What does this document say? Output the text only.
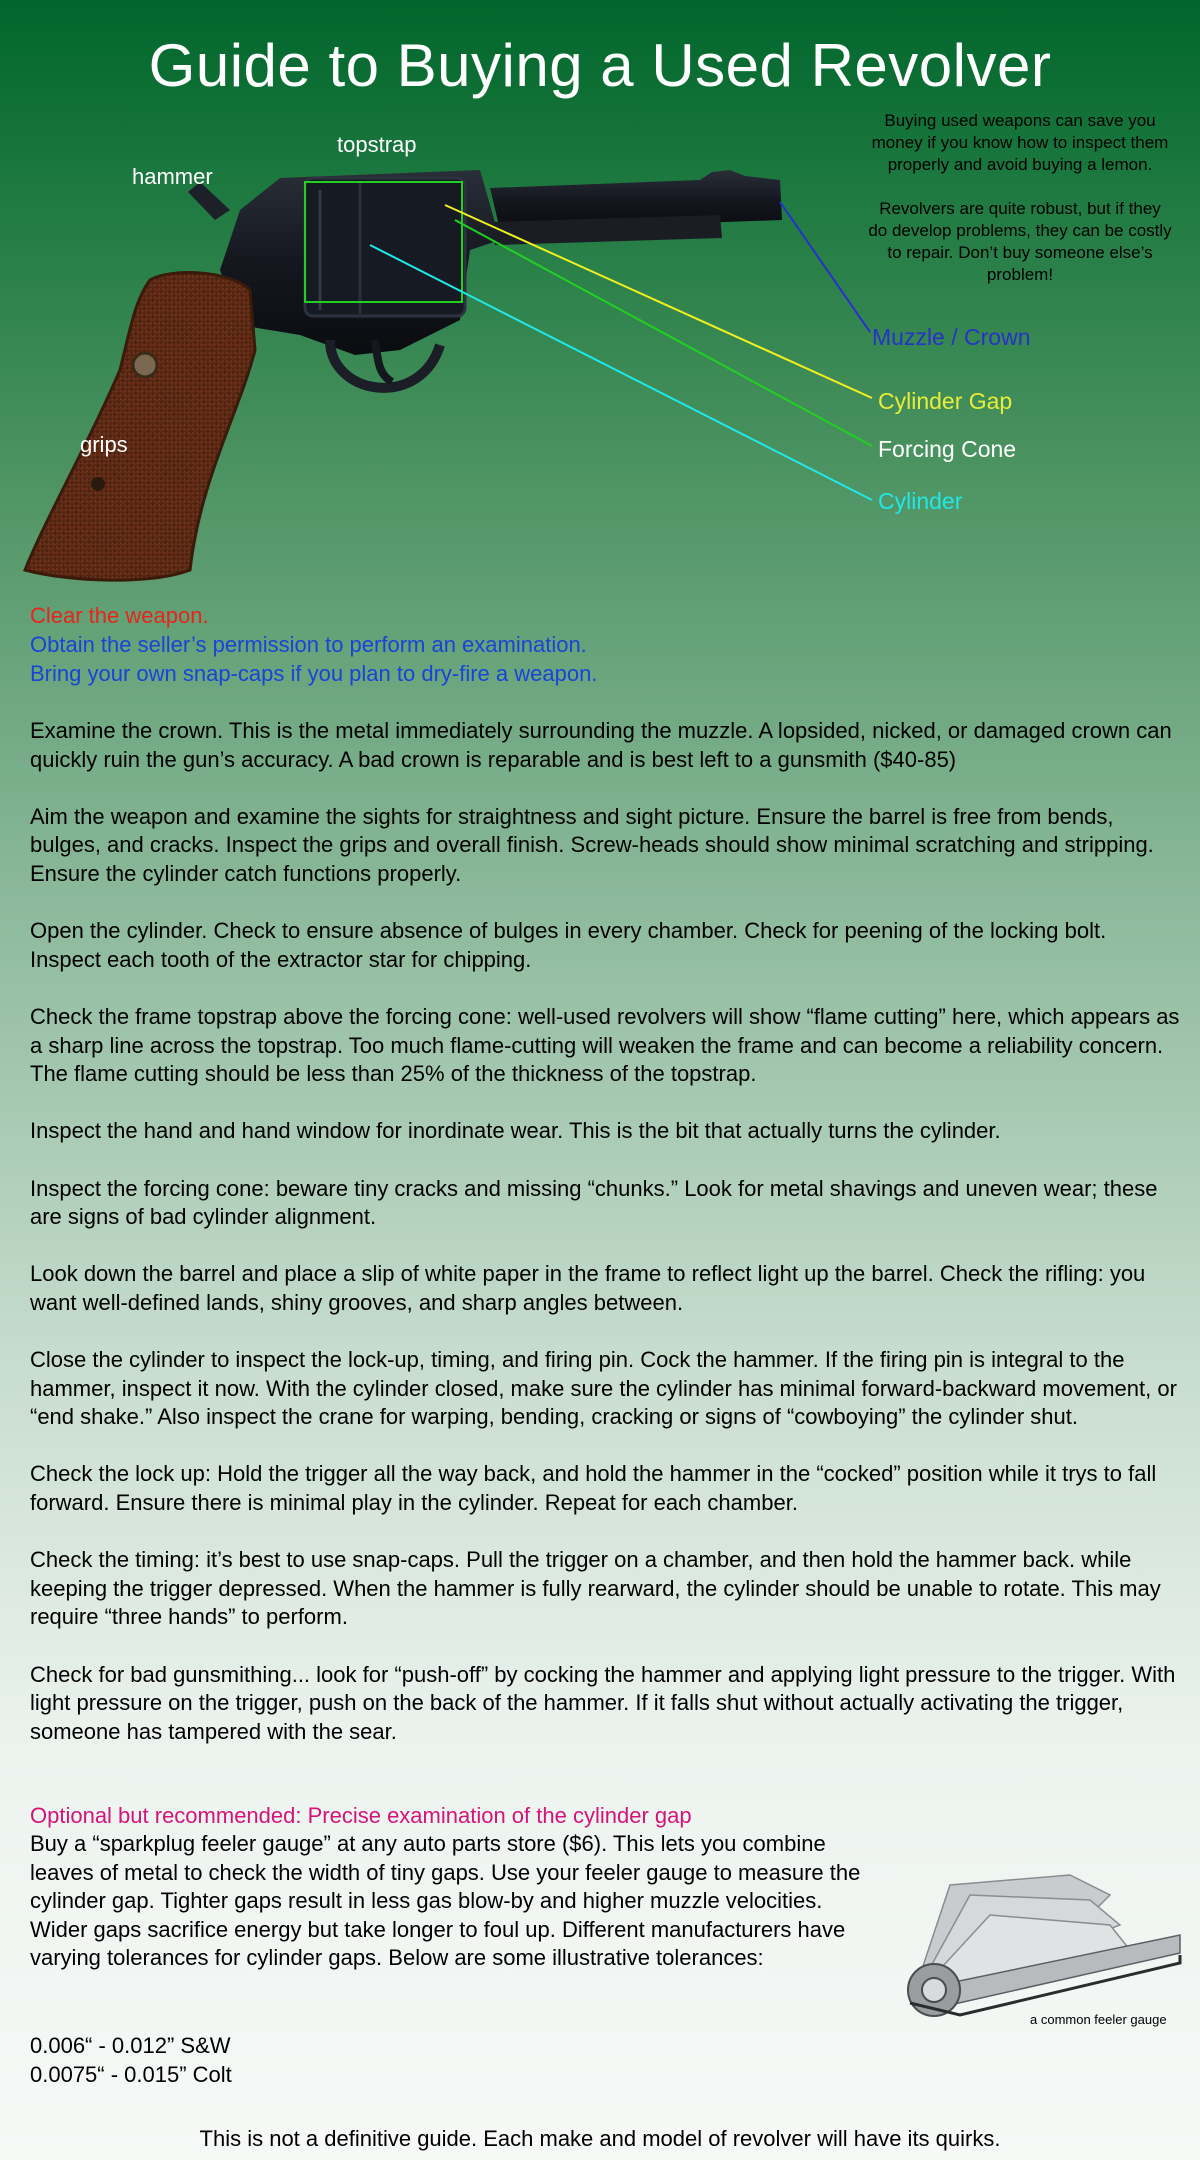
Guide to Buying a Used Revolver

Buying used weapons can save you money if you know how to inspect them properly and avoid buying a lemon.

Revolvers are quite robust, but if they do develop problems, they can be costly to repair. Don’t buy someone else’s problem!

hammer
topstrap
grips
Muzzle / Crown
Cylinder Gap
Forcing Cone
Cylinder
Clear the weapon.
Obtain the seller’s permission to perform an examination.
Bring your own snap-caps if you plan to dry-fire a weapon.

Examine the crown. This is the metal immediately surrounding the muzzle. A lopsided, nicked, or damaged crown can quickly ruin the gun’s accuracy. A bad crown is reparable and is best left to a gunsmith ($40-85)

Aim the weapon and examine the sights for straightness and sight picture. Ensure the barrel is free from bends, bulges, and cracks. Inspect the grips and overall finish. Screw-heads should show minimal scratching and stripping. Ensure the cylinder catch functions properly.

Open the cylinder. Check to ensure absence of bulges in every chamber. Check for peening of the locking bolt. Inspect each tooth of the extractor star for chipping.

Check the frame topstrap above the forcing cone: well-used revolvers will show “flame cutting” here, which appears as a sharp line across the topstrap. Too much flame-cutting will weaken the frame and can become a reliability concern. The flame cutting should be less than 25% of the thickness of the topstrap.

Inspect the hand and hand window for inordinate wear. This is the bit that actually turns the cylinder.

Inspect the forcing cone: beware tiny cracks and missing “chunks.” Look for metal shavings and uneven wear; these are signs of bad cylinder alignment.

Look down the barrel and place a slip of white paper in the frame to reflect light up the barrel. Check the rifling: you want well-defined lands, shiny grooves, and sharp angles between.

Close the cylinder to inspect the lock-up, timing, and firing pin. Cock the hammer. If the firing pin is integral to the hammer, inspect it now. With the cylinder closed, make sure the cylinder has minimal forward-backward movement, or “end shake.” Also inspect the crane for warping, bending, cracking or signs of “cowboying” the cylinder shut.

Check the lock up: Hold the trigger all the way back, and hold the hammer in the “cocked” position while it trys to fall forward. Ensure there is minimal play in the cylinder. Repeat for each chamber.

Check the timing: it’s best to use snap-caps. Pull the trigger on a chamber, and then hold the hammer back. while keeping the trigger depressed. When the hammer is fully rearward, the cylinder should be unable to rotate. This may require “three hands” to perform.

Check for bad gunsmithing... look for “push-off” by cocking the hammer and applying light pressure to the trigger. With light pressure on the trigger, push on the back of the hammer. If it falls shut without actually activating the trigger, someone has tampered with the sear.

Optional but recommended: Precise examination of the cylinder gap

Buy a “sparkplug feeler gauge” at any auto parts store ($6). This lets you combine leaves of metal to check the width of tiny gaps. Use your feeler gauge to measure the cylinder gap. Tighter gaps result in less gas blow-by and higher muzzle velocities. Wider gaps sacrifice energy but take longer to foul up. Different manufacturers have varying tolerances for cylinder gaps. Below are some illustrative tolerances:

0.006“ - 0.012” S&W
0.0075“ - 0.015” Colt
a common feeler gauge
This is not a definitive guide. Each make and model of revolver will have its quirks.
